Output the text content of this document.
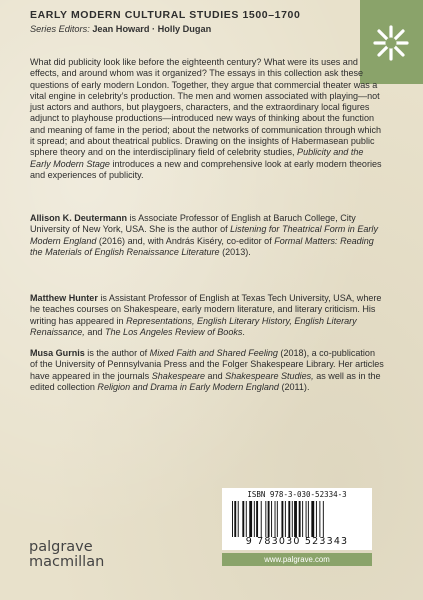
EARLY MODERN CULTURAL STUDIES 1500–1700
Series Editors: Jean Howard · Holly Dugan
What did publicity look like before the eighteenth century? What were its uses and effects, and around whom was it organized? The essays in this collection ask these questions of early modern London. Together, they argue that commercial theater was a vital engine in celebrity’s production. The men and women associated with playing—not just actors and authors, but playgoers, characters, and the extraordinary local figures adjunct to playhouse productions—introduced new ways of thinking about the function and meaning of fame in the period; about the networks of communication through which it spread; and about theatrical publics. Drawing on the insights of Habermasean public sphere theory and on the interdisciplinary field of celebrity studies, Publicity and the Early Modern Stage introduces a new and comprehensive look at early modern theories and experiences of publicity.
Allison K. Deutermann is Associate Professor of English at Baruch College, City University of New York, USA. She is the author of Listening for Theatrical Form in Early Modern England (2016) and, with András Kiséry, co-editor of Formal Matters: Reading the Materials of English Renaissance Literature (2013).
Matthew Hunter is Assistant Professor of English at Texas Tech University, USA, where he teaches courses on Shakespeare, early modern literature, and literary criticism. His writing has appeared in Representations, English Literary History, English Literary Renaissance, and The Los Angeles Review of Books.
Musa Gurnis is the author of Mixed Faith and Shared Feeling (2018), a co-publication of the University of Pennsylvania Press and the Folger Shakespeare Library. Her articles have appeared in the journals Shakespeare and Shakespeare Studies, as well as in the edited collection Religion and Drama in Early Modern England (2011).
ISBN 978-3-030-52334-3
9 783030 523343
palgrave
macmillan	www.palgrave.com
